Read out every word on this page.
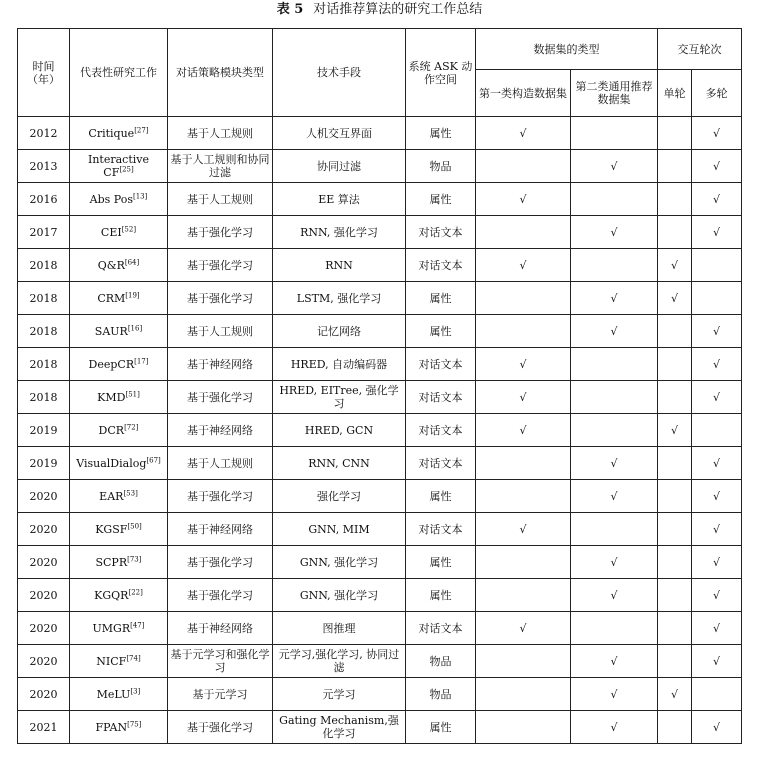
表 5 对话推荐算法的研究工作总结
时间（年）	代表性研究工作	对话策略模块类型	技术手段	系统 ASK 动作空间	数据集的类型		交互轮次	
					第一类构造数据集	第二类通用推荐数据集	单轮	多轮
2012	Critique[27]	基于人工规则	人机交互界面	属性	√			√
2013	Interactive CF[25]	基于人工规则和协同过滤	协同过滤	物品		√		√
2016	Abs Pos[13]	基于人工规则	EE 算法	属性	√			√
2017	CEI[52]	基于强化学习	RNN, 强化学习	对话文本		√		√
2018	Q&R[64]	基于强化学习	RNN	对话文本	√		√	
2018	CRM[19]	基于强化学习	LSTM, 强化学习	属性		√	√	
2018	SAUR[16]	基于人工规则	记忆网络	属性		√		√
2018	DeepCR[17]	基于神经网络	HRED, 自动编码器	对话文本	√			√
2018	KMD[51]	基于强化学习	HRED, EITree, 强化学习	对话文本	√			√
2019	DCR[72]	基于神经网络	HRED, GCN	对话文本	√		√	
2019	VisualDialog[67]	基于人工规则	RNN, CNN	对话文本		√		√
2020	EAR[53]	基于强化学习	强化学习	属性		√		√
2020	KGSF[50]	基于神经网络	GNN, MIM	对话文本	√			√
2020	SCPR[73]	基于强化学习	GNN, 强化学习	属性		√		√
2020	KGQR[22]	基于强化学习	GNN, 强化学习	属性		√		√
2020	UMGR[47]	基于神经网络	图推理	对话文本	√			√
2020	NICF[74]	基于元学习和强化学习	元学习,强化学习, 协同过滤	物品		√		√
2020	MeLU[3]	基于元学习	元学习	物品		√	√	
2021	FPAN[75]	基于强化学习	Gating Mechanism,强化学习	属性		√		√
